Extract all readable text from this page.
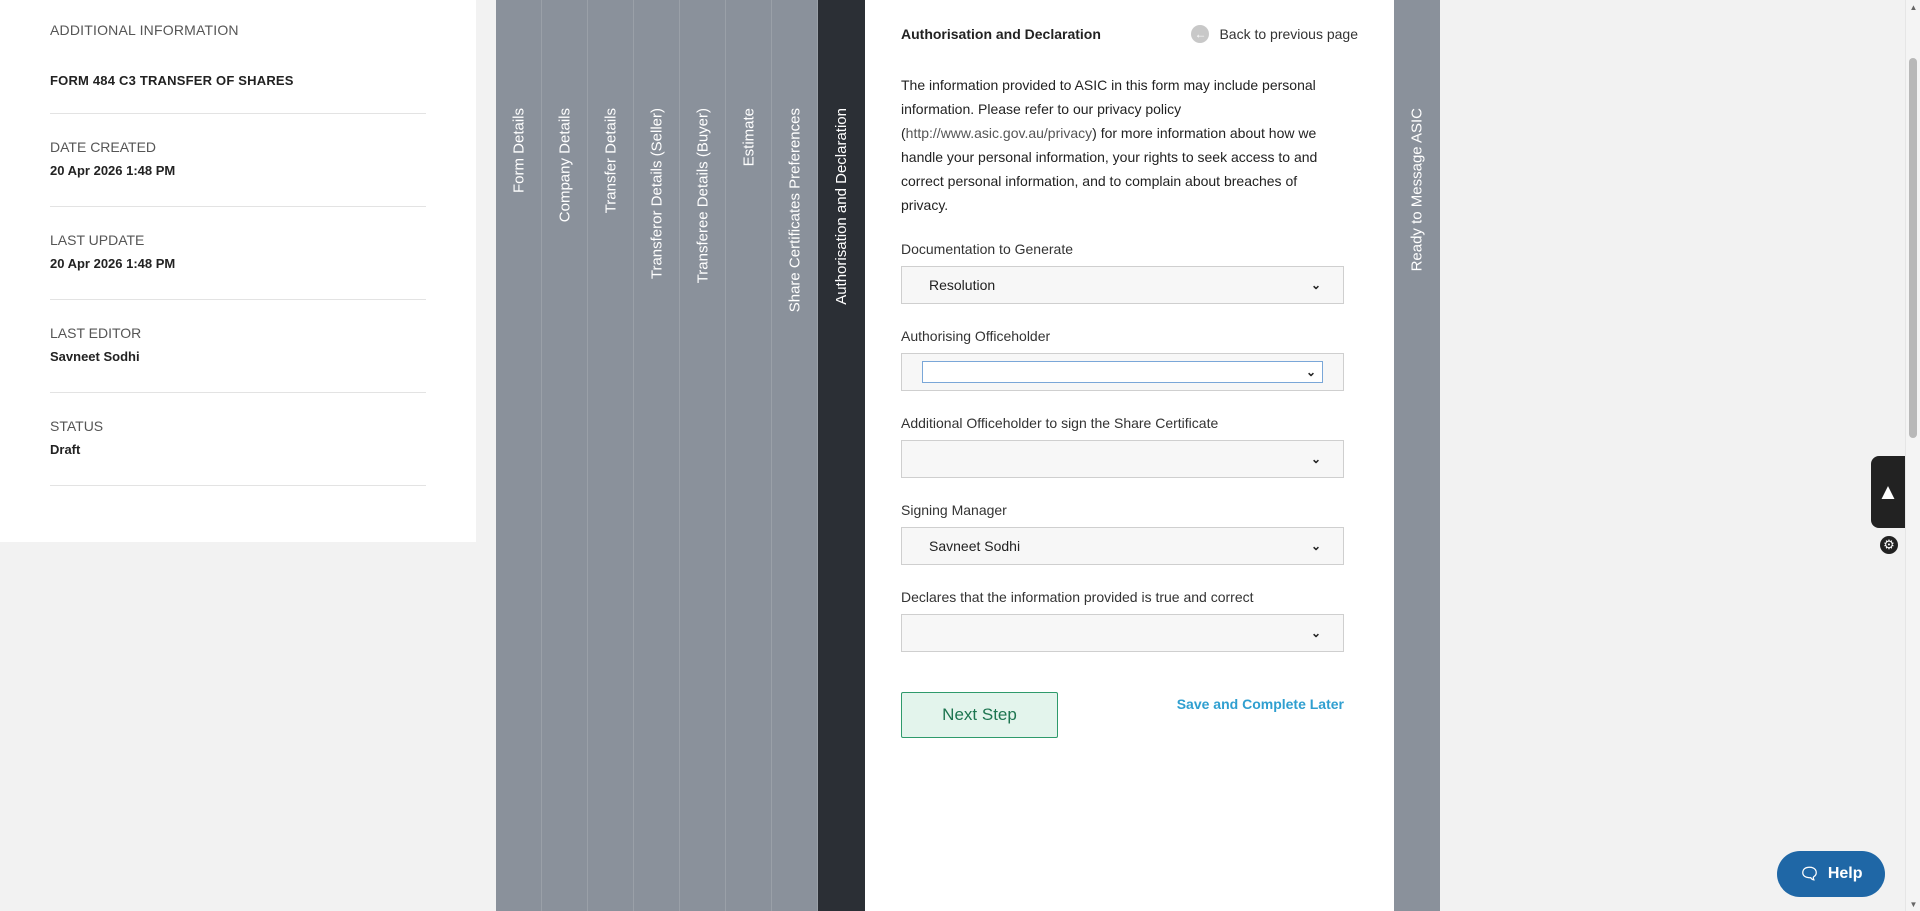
ADDITIONAL INFORMATION
FORM 484 C3 TRANSFER OF SHARES
DATE CREATED
20 Apr 2026 1:48 PM
LAST UPDATE
20 Apr 2026 1:48 PM
LAST EDITOR
Savneet Sodhi
STATUS
Draft
Form Details	Company Details	Transfer Details	Transferor Details (Seller)	Transferee Details (Buyer)	Estimate	Share Certificates Preferences	Authorisation and Declaration	Ready to Message ASIC
Authorisation and Declaration	← Back to previous page
The information provided to ASIC in this form may include personal information. Please refer to our privacy policy (http://www.asic.gov.au/privacy) for more information about how we handle your personal information, your rights to seek access to and correct personal information, and to complain about breaches of privacy.
Documentation to Generate
Resolution	⌄
Authorising Officeholder
⌄
Additional Officeholder to sign the Share Certificate
⌄
Signing Manager
Savneet Sodhi	⌄
Declares that the information provided is true and correct
⌄
Next Step
Save and Complete Later
▲
⚙
▲
▼
🗨 Help
